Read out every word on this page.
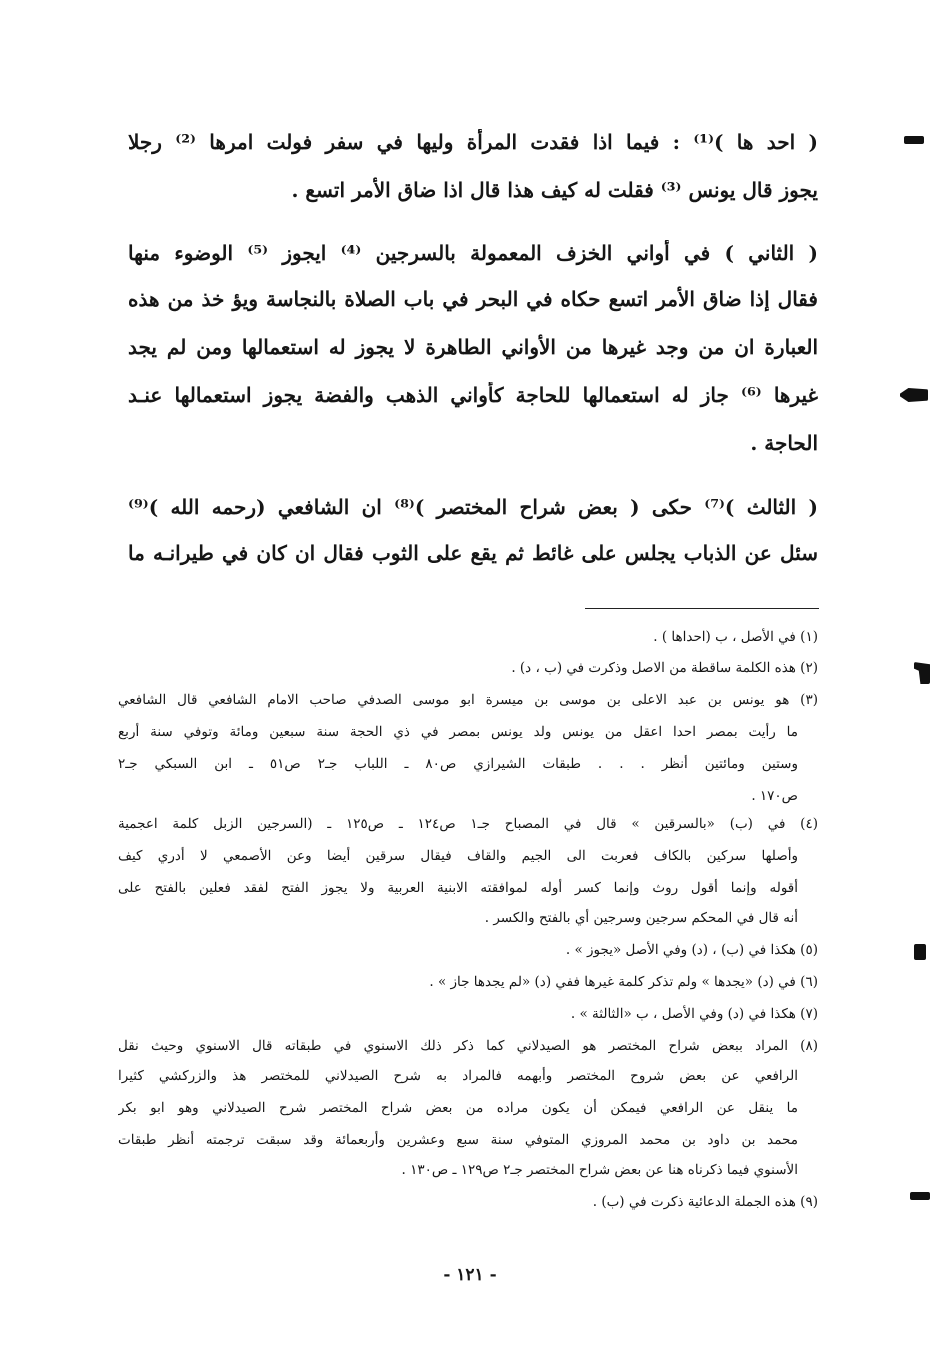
( احد ها )⁽¹⁾ : فيما اذا فقدت المرأة وليها في سفر فولت امرها ⁽²⁾ رجلا
يجوز قال يونس ⁽³⁾ فقلت له كيف هذا قال اذا ضاق الأمر اتسع .
( الثاني ) في أواني الخزف المعمولة بالسرجين ⁽⁴⁾ ايجوز ⁽⁵⁾ الوضوء منها
فقال إذا ضاق الأمر اتسع حكاه في البحر في باب الصلاة بالنجاسة ويؤ خذ من هذه
العبارة ان من وجد غيرها من الأواني الطاهرة لا يجوز له استعمالها ومن لم يجد
غيرها ⁽⁶⁾ جاز له استعمالها للحاجة كأواني الذهب والفضة يجوز استعمالها عنـد
الحاجة .
( الثالث )⁽⁷⁾ حكى ( بعض شراح المختصر )⁽⁸⁾ ان الشافعي (رحمه الله )⁽⁹⁾
سئل عن الذباب يجلس على غائط ثم يقع على الثوب فقال ان كان في طيرانـه ما
(١) في الأصل ، ب (احداها ) .
(٢) هذه الكلمة ساقطة من الاصل وذكرت في (ب ، د) .
(٣) هو يونس بن عبد الاعلى بن موسى بن ميسرة ابو موسى الصدفي صاحب الامام الشافعي قال الشافعي
ما رأيت بمصر احدا اعقل من يونس ولد يونس بمصر في ذي الحجة سنة سبعين ومائة وتوفي سنة أربع
وستين ومائتين أنظر . . . طبقات الشيرازي ص٨٠ ـ اللباب جـ٢ ص٥١ ـ ابن السبكي جـ٢
ص١٧٠ .
(٤) في (ب) «بالسرقين » قال في المصباح جـ١ ص١٢٤ ـ ص١٢٥ ـ (السرجين الزبل كلمة اعجمية
وأصلها سركين بالكاف فعربت الى الجيم والقاف فيقال سرقين أيضا وعن الأصمعي لا أدري كيف
أقوله وإنما أقول روث وإنما كسر أوله لموافقته الابنية العربية ولا يجوز الفتح لفقد فعلين بالفتح على
أنه قال في المحكم سرجين وسرجين أي بالفتح والكسر .
(٥) هكذا في (ب) ، (د) وفي الأصل «يجوز » .
(٦) في (د) «يجدها » ولم تذكر كلمة غيرها ففي (د) «لم يجدها جاز » .
(٧) هكذا في (د) وفي الأصل ، ب «الثالثة » .
(٨) المراد ببعض شراح المختصر هو الصيدلاني كما ذكر ذلك الاسنوي في طبقاته قال الاسنوي وحيث نقل
الرافعي عن بعض شروح المختصر وأبهمه فالمراد به شرح الصيدلاني للمختصر هذ والزركشي كثيرا
ما ينقل عن الرافعي فيمكن أن يكون مراده من بعض شراح المختصر شرح الصيدلاني وهو ابو بكر
محمد بن داود بن محمد المروزي المتوفي سنة سبع وعشرين وأربعمائة وقد سبقت ترجمته أنظر طبقات
الأسنوي فيما ذكرناه هنا عن بعض شراح المختصر جـ٢ ص١٢٩ ـ ص١٣٠ .
(٩) هذه الجملة الدعائية ذكرت في (ب) .
- ١٢١ -
